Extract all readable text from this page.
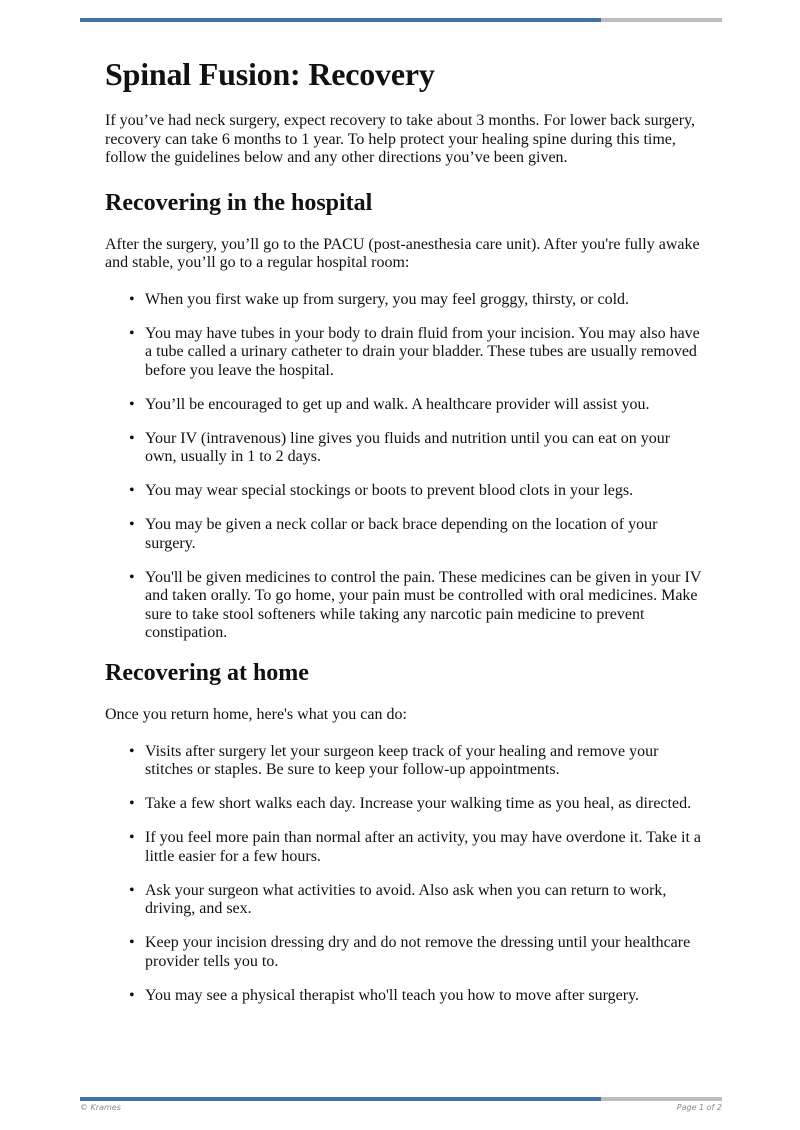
Spinal Fusion: Recovery

If you’ve had neck surgery, expect recovery to take about 3 months. For lower back surgery, recovery can take 6 months to 1 year. To help protect your healing spine during this time, follow the guidelines below and any other directions you’ve been given.

Recovering in the hospital

After the surgery, you’ll go to the PACU (post-anesthesia care unit). After you're fully awake and stable, you’ll go to a regular hospital room:

• When you first wake up from surgery, you may feel groggy, thirsty, or cold.
• You may have tubes in your body to drain fluid from your incision. You may also have a tube called a urinary catheter to drain your bladder. These tubes are usually removed before you leave the hospital.
• You’ll be encouraged to get up and walk. A healthcare provider will assist you.
• Your IV (intravenous) line gives you fluids and nutrition until you can eat on your own, usually in 1 to 2 days.
• You may wear special stockings or boots to prevent blood clots in your legs.
• You may be given a neck collar or back brace depending on the location of your surgery.
• You'll be given medicines to control the pain. These medicines can be given in your IV and taken orally. To go home, your pain must be controlled with oral medicines. Make sure to take stool softeners while taking any narcotic pain medicine to prevent constipation.
Recovering at home

Once you return home, here's what you can do:

• Visits after surgery let your surgeon keep track of your healing and remove your stitches or staples. Be sure to keep your follow-up appointments.
• Take a few short walks each day. Increase your walking time as you heal, as directed.
• If you feel more pain than normal after an activity, you may have overdone it. Take it a little easier for a few hours.
• Ask your surgeon what activities to avoid. Also ask when you can return to work, driving, and sex.
• Keep your incision dressing dry and do not remove the dressing until your healthcare provider tells you to.
• You may see a physical therapist who'll teach you how to move after surgery.
© Krames	Page 1 of 2
